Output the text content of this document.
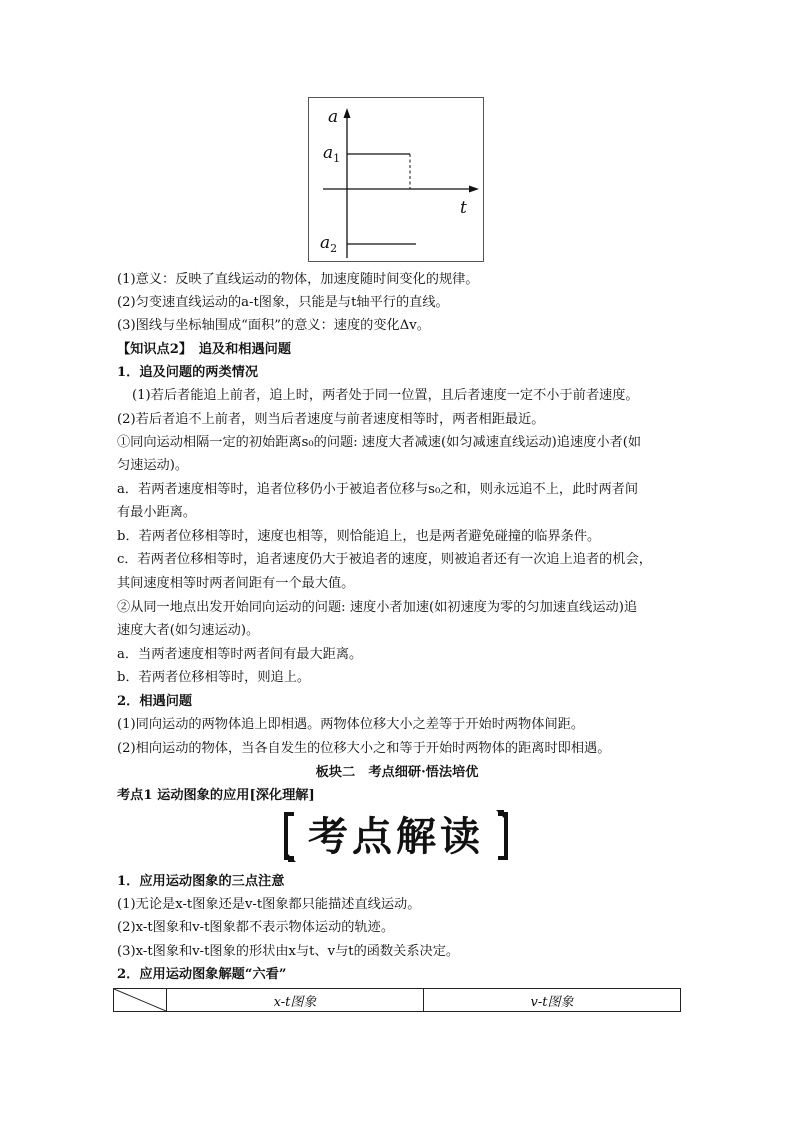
a
t
$a_1$
$a_2$
(1)意义：反映了直线运动的物体，加速度随时间变化的规律。
(2)匀变速直线运动的a-t图象，只能是与t轴平行的直线。
(3)图线与坐标轴围成“面积”的意义：速度的变化Δv。
【知识点2】　追及和相遇问题
1．追及问题的两类情况
(1)若后者能追上前者，追上时，两者处于同一位置，且后者速度一定不小于前者速度。
(2)若后者追不上前者，则当后者速度与前者速度相等时，两者相距最近。
①同向运动相隔一定的初始距离s₀的问题: 速度大者减速(如匀减速直线运动)追速度小者(如
匀速运动)。
a．若两者速度相等时，追者位移仍小于被追者位移与s₀之和，则永远追不上，此时两者间
有最小距离。
b．若两者位移相等时，速度也相等，则恰能追上，也是两者避免碰撞的临界条件。
c．若两者位移相等时，追者速度仍大于被追者的速度，则被追者还有一次追上追者的机会，
其间速度相等时两者间距有一个最大值。
②从同一地点出发开始同向运动的问题: 速度小者加速(如初速度为零的匀加速直线运动)追
速度大者(如匀速运动)。
a．当两者速度相等时两者间有最大距离。
b．若两者位移相等时，则追上。
2．相遇问题
(1)同向运动的两物体追上即相遇。两物体位移大小之差等于开始时两物体间距。
(2)相向运动的物体，当各自发生的位移大小之和等于开始时两物体的距离时即相遇。
板块二　考点细研·悟法培优
考点1 运动图象的应用[深化理解]
考点解读
1．应用运动图象的三点注意
(1)无论是x-t图象还是v-t图象都只能描述直线运动。
(2)x-t图象和v-t图象都不表示物体运动的轨迹。
(3)x-t图象和v-t图象的形状由x与t、v与t的函数关系决定。
2．应用运动图象解题“六看”
	x-t图象	v-t图象
